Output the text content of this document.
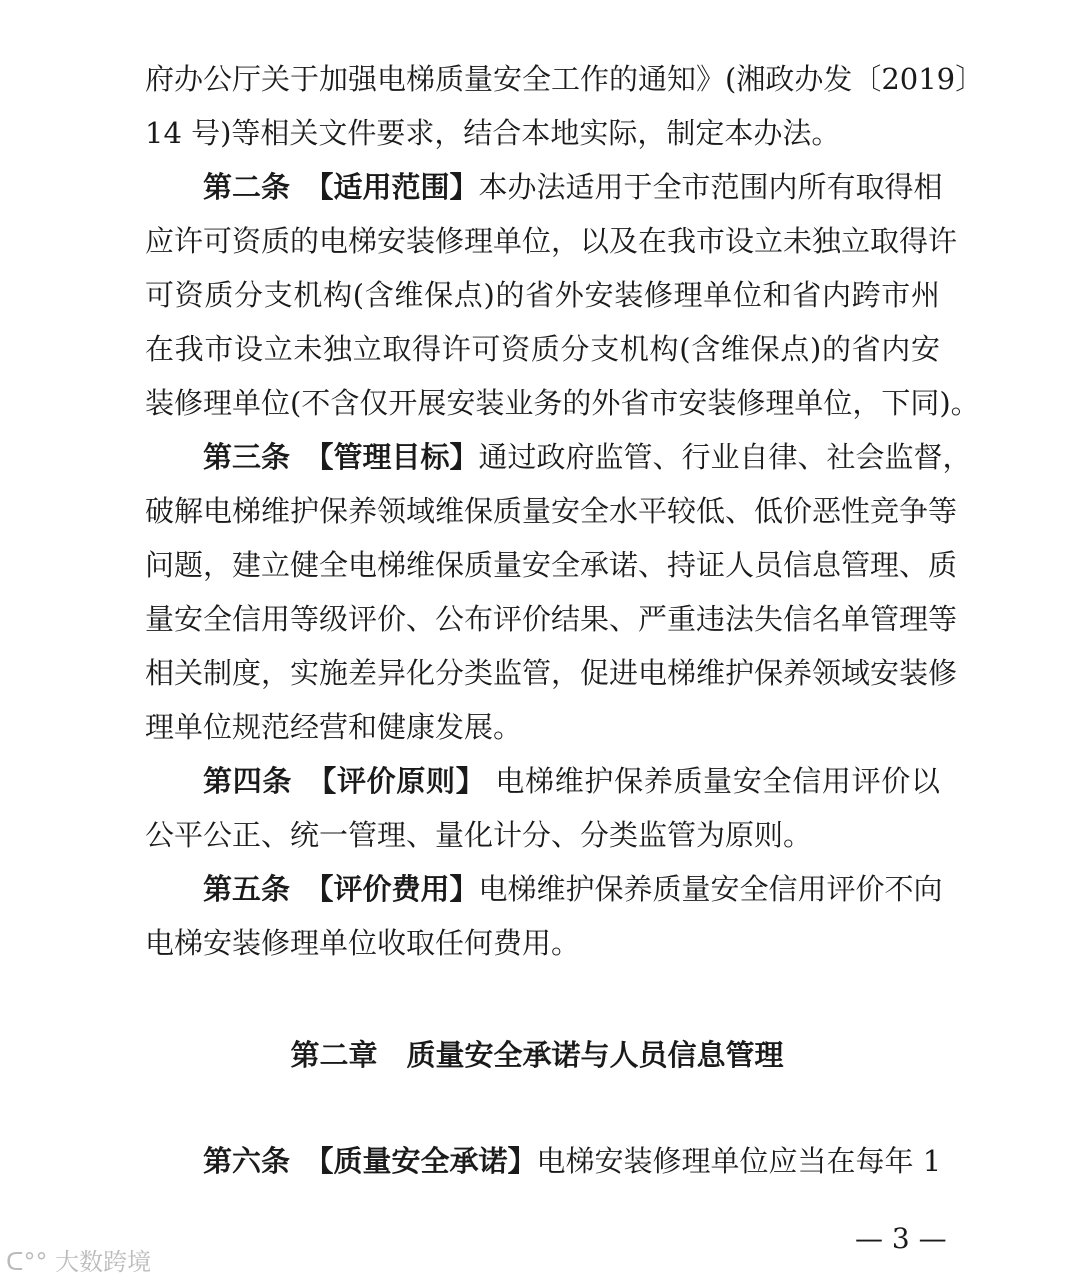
府办公厅关于加强电梯质量安全工作的通知》(湘政办发〔2019〕
14 号)等相关文件要求，结合本地实际，制定本办法。
第二条　【适用范围】本办法适用于全市范围内所有取得相
应许可资质的电梯安装修理单位，以及在我市设立未独立取得许
可资质分支机构(含维保点)的省外安装修理单位和省内跨市州
在我市设立未独立取得许可资质分支机构(含维保点)的省内安
装修理单位(不含仅开展安装业务的外省市安装修理单位，下同)。
第三条　【管理目标】通过政府监管、行业自律、社会监督，
破解电梯维护保养领域维保质量安全水平较低、低价恶性竞争等
问题，建立健全电梯维保质量安全承诺、持证人员信息管理、质
量安全信用等级评价、公布评价结果、严重违法失信名单管理等
相关制度，实施差异化分类监管，促进电梯维护保养领域安装修
理单位规范经营和健康发展。
第四条　【评价原则】 电梯维护保养质量安全信用评价以
公平公正、统一管理、量化计分、分类监管为原则。
第五条　【评价费用】电梯维护保养质量安全信用评价不向
电梯安装修理单位收取任何费用。
第六条　【质量安全承诺】电梯安装修理单位应当在每年 1
第二章　质量安全承诺与人员信息管理
— 3 —
ᑕ°° 大数跨境
